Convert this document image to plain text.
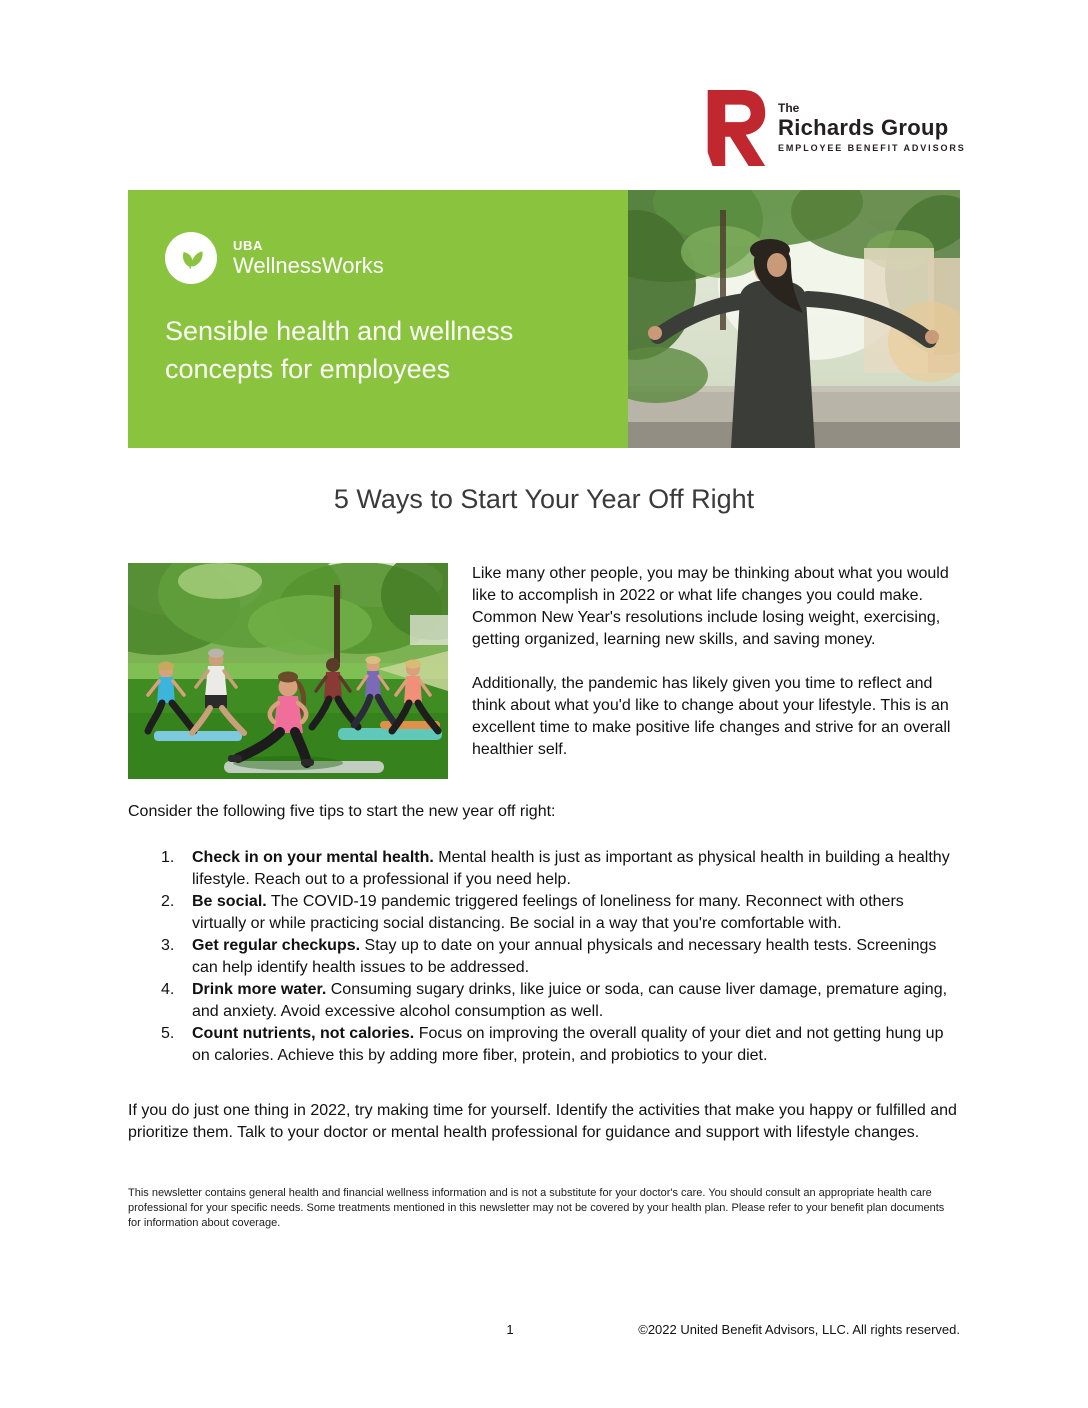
The
Richards Group
EMPLOYEE BENEFIT ADVISORS
UBA
WellnessWorks
Sensible health and wellness
concepts for employees
5 Ways to Start Your Year Off Right

Like many other people, you may be thinking about what you would like to accomplish in 2022 or what life changes you could make. Common New Year's resolutions include losing weight, exercising, getting organized, learning new skills, and saving money.

Additionally, the pandemic has likely given you time to reflect and think about what you'd like to change about your lifestyle. This is an excellent time to make positive life changes and strive for an overall healthier self.

Consider the following five tips to start the new year off right:
1.	Check in on your mental health. Mental health is just as important as physical health in building a healthy lifestyle. Reach out to a professional if you need help.
2.	Be social. The COVID-19 pandemic triggered feelings of loneliness for many. Reconnect with others virtually or while practicing social distancing. Be social in a way that you're comfortable with.
3.	Get regular checkups. Stay up to date on your annual physicals and necessary health tests. Screenings can help identify health issues to be addressed.
4.	Drink more water. Consuming sugary drinks, like juice or soda, can cause liver damage, premature aging, and anxiety. Avoid excessive alcohol consumption as well.
5.	Count nutrients, not calories. Focus on improving the overall quality of your diet and not getting hung up on calories. Achieve this by adding more fiber, protein, and probiotics to your diet.
If you do just one thing in 2022, try making time for yourself. Identify the activities that make you happy or fulfilled and prioritize them. Talk to your doctor or mental health professional for guidance and support with lifestyle changes.
This newsletter contains general health and financial wellness information and is not a substitute for your doctor's care. You should consult an appropriate health care professional for your specific needs. Some treatments mentioned in this newsletter may not be covered by your health plan. Please refer to your benefit plan documents for information about coverage.
1	©2022 United Benefit Advisors, LLC. All rights reserved.
